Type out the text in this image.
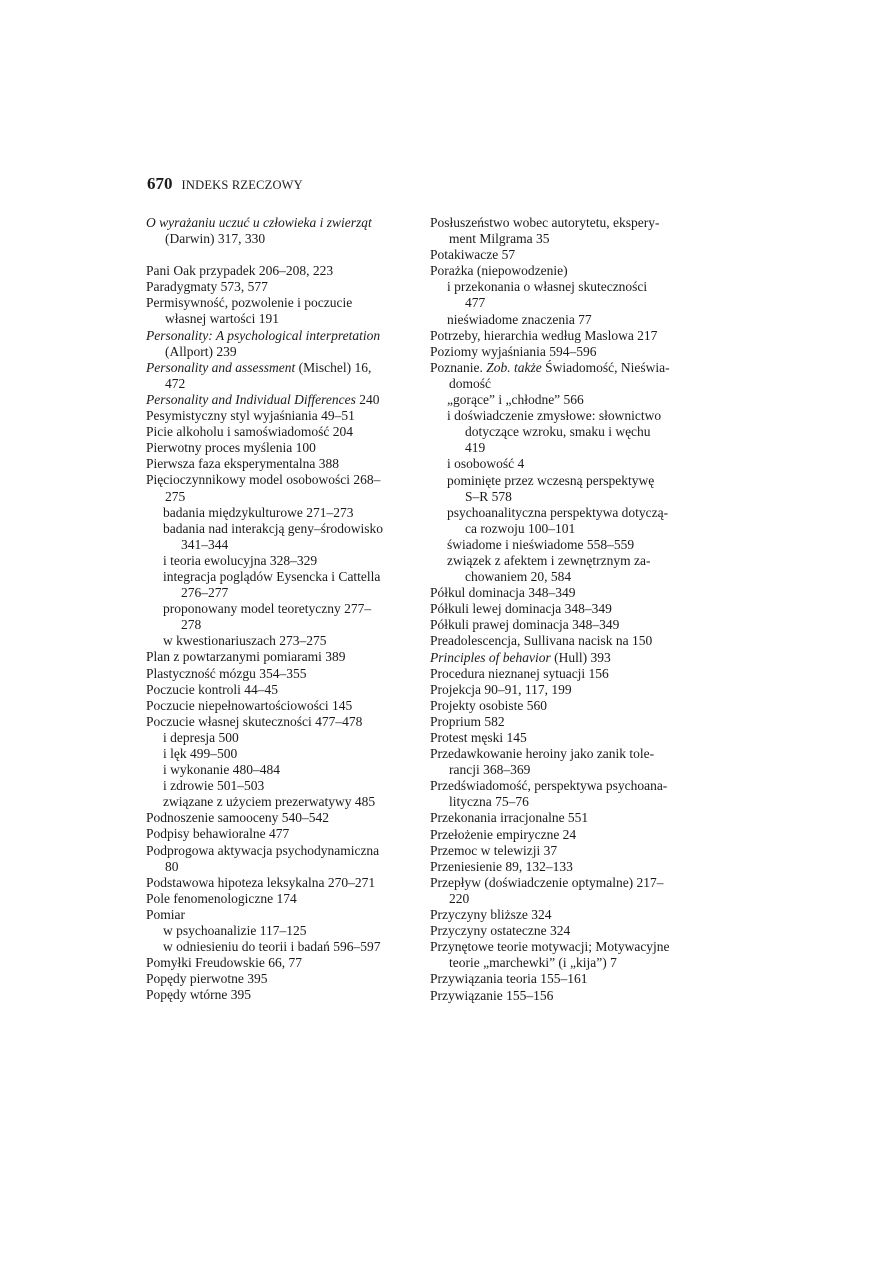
670 INDEKS RZECZOWY
O wyrażaniu uczuć u człowieka i zwierząt
(Darwin) 317, 330
Pani Oak przypadek 206–208, 223
Paradygmaty 573, 577
Permisywność, pozwolenie i poczucie
własnej wartości 191
Personality: A psychological interpretation
(Allport) 239
Personality and assessment (Mischel) 16,
472
Personality and Individual Differences 240
Pesymistyczny styl wyjaśniania 49–51
Picie alkoholu i samoświadomość 204
Pierwotny proces myślenia 100
Pierwsza faza eksperymentalna 388
Pięcioczynnikowy model osobowości 268–
275
badania międzykulturowe 271–273
badania nad interakcją geny–środowisko
341–344
i teoria ewolucyjna 328–329
integracja poglądów Eysencka i Cattella
276–277
proponowany model teoretyczny 277–
278
w kwestionariuszach 273–275
Plan z powtarzanymi pomiarami 389
Plastyczność mózgu 354–355
Poczucie kontroli 44–45
Poczucie niepełnowartościowości 145
Poczucie własnej skuteczności 477–478
i depresja 500
i lęk 499–500
i wykonanie 480–484
i zdrowie 501–503
związane z użyciem prezerwatywy 485
Podnoszenie samooceny 540–542
Podpisy behawioralne 477
Podprogowa aktywacja psychodynamiczna
80
Podstawowa hipoteza leksykalna 270–271
Pole fenomenologiczne 174
Pomiar
w psychoanalizie 117–125
w odniesieniu do teorii i badań 596–597
Pomyłki Freudowskie 66, 77
Popędy pierwotne 395
Popędy wtórne 395
Posłuszeństwo wobec autorytetu, ekspery-
ment Milgrama 35
Potakiwacze 57
Porażka (niepowodzenie)
i przekonania o własnej skuteczności
477
nieświadome znaczenia 77
Potrzeby, hierarchia według Maslowa 217
Poziomy wyjaśniania 594–596
Poznanie. Zob. także Świadomość, Nieświa-
domość
„gorące” i „chłodne” 566
i doświadczenie zmysłowe: słownictwo
dotyczące wzroku, smaku i węchu
419
i osobowość 4
pominięte przez wczesną perspektywę
S–R 578
psychoanalityczna perspektywa dotyczą-
ca rozwoju 100–101
świadome i nieświadome 558–559
związek z afektem i zewnętrznym za-
chowaniem 20, 584
Półkul dominacja 348–349
Półkuli lewej dominacja 348–349
Półkuli prawej dominacja 348–349
Preadolescencja, Sullivana nacisk na 150
Principles of behavior (Hull) 393
Procedura nieznanej sytuacji 156
Projekcja 90–91, 117, 199
Projekty osobiste 560
Proprium 582
Protest męski 145
Przedawkowanie heroiny jako zanik tole-
rancji 368–369
Przedświadomość, perspektywa psychoana-
lityczna 75–76
Przekonania irracjonalne 551
Przełożenie empiryczne 24
Przemoc w telewizji 37
Przeniesienie 89, 132–133
Przepływ (doświadczenie optymalne) 217–
220
Przyczyny bliższe 324
Przyczyny ostateczne 324
Przynętowe teorie motywacji; Motywacyjne
teorie „marchewki” (i „kija”) 7
Przywiązania teoria 155–161
Przywiązanie 155–156
